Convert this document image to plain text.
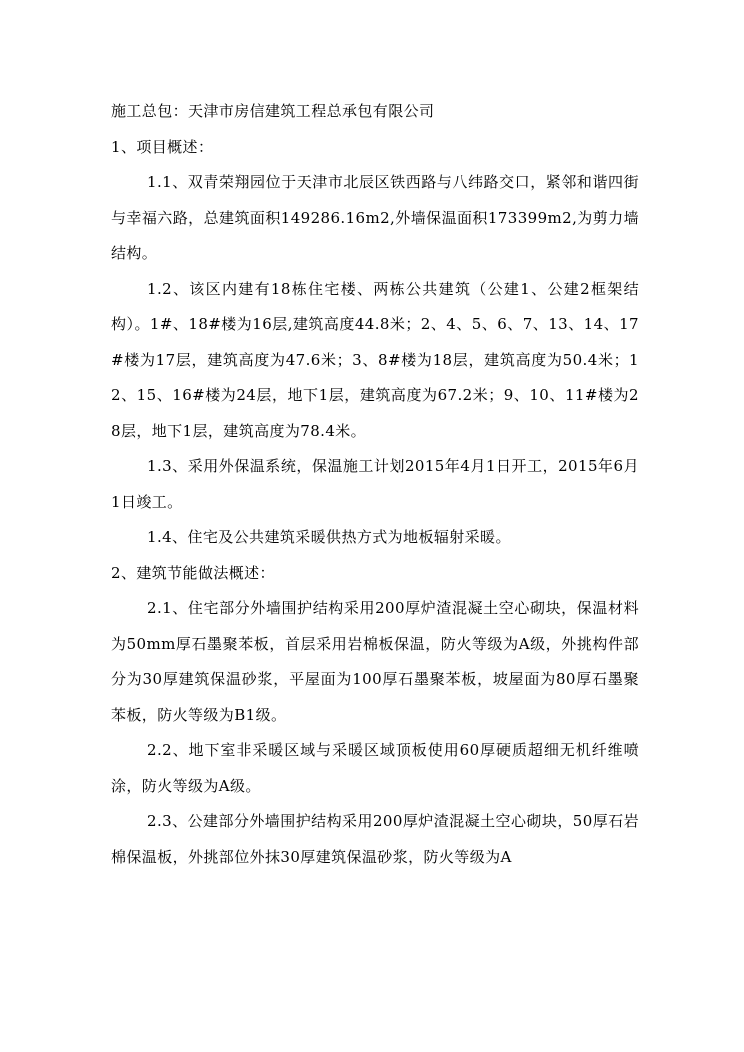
施工总包：天津市房信建筑工程总承包有限公司

1、项目概述：

1.1、双青荣翔园位于天津市北辰区铁西路与八纬路交口，紧邻和谐四街与幸福六路，总建筑面积149286.16m2,外墙保温面积173399m2,为剪力墙结构。

1.2、该区内建有18栋住宅楼、两栋公共建筑（公建1、公建2框架结构）。1#、18#楼为16层,建筑高度44.8米；2、4、5、6、7、13、14、17#楼为17层，建筑高度为47.6米；3、8#楼为18层，建筑高度为50.4米；12、15、16#楼为24层，地下1层，建筑高度为67.2米；9、10、11#楼为28层，地下1层，建筑高度为78.4米。

1.3、采用外保温系统，保温施工计划2015年4月1日开工，2015年6月1日竣工。

1.4、住宅及公共建筑采暖供热方式为地板辐射采暖。

2、建筑节能做法概述：

2.1、住宅部分外墙围护结构采用200厚炉渣混凝土空心砌块，保温材料为50mm厚石墨聚苯板，首层采用岩棉板保温，防火等级为A级，外挑构件部分为30厚建筑保温砂浆，平屋面为100厚石墨聚苯板，坡屋面为80厚石墨聚苯板，防火等级为B1级。

2.2、地下室非采暖区域与采暖区域顶板使用60厚硬质超细无机纤维喷涂，防火等级为A级。

2.3、公建部分外墙围护结构采用200厚炉渣混凝土空心砌块，50厚石岩棉保温板，外挑部位外抹30厚建筑保温砂浆，防火等级为A
